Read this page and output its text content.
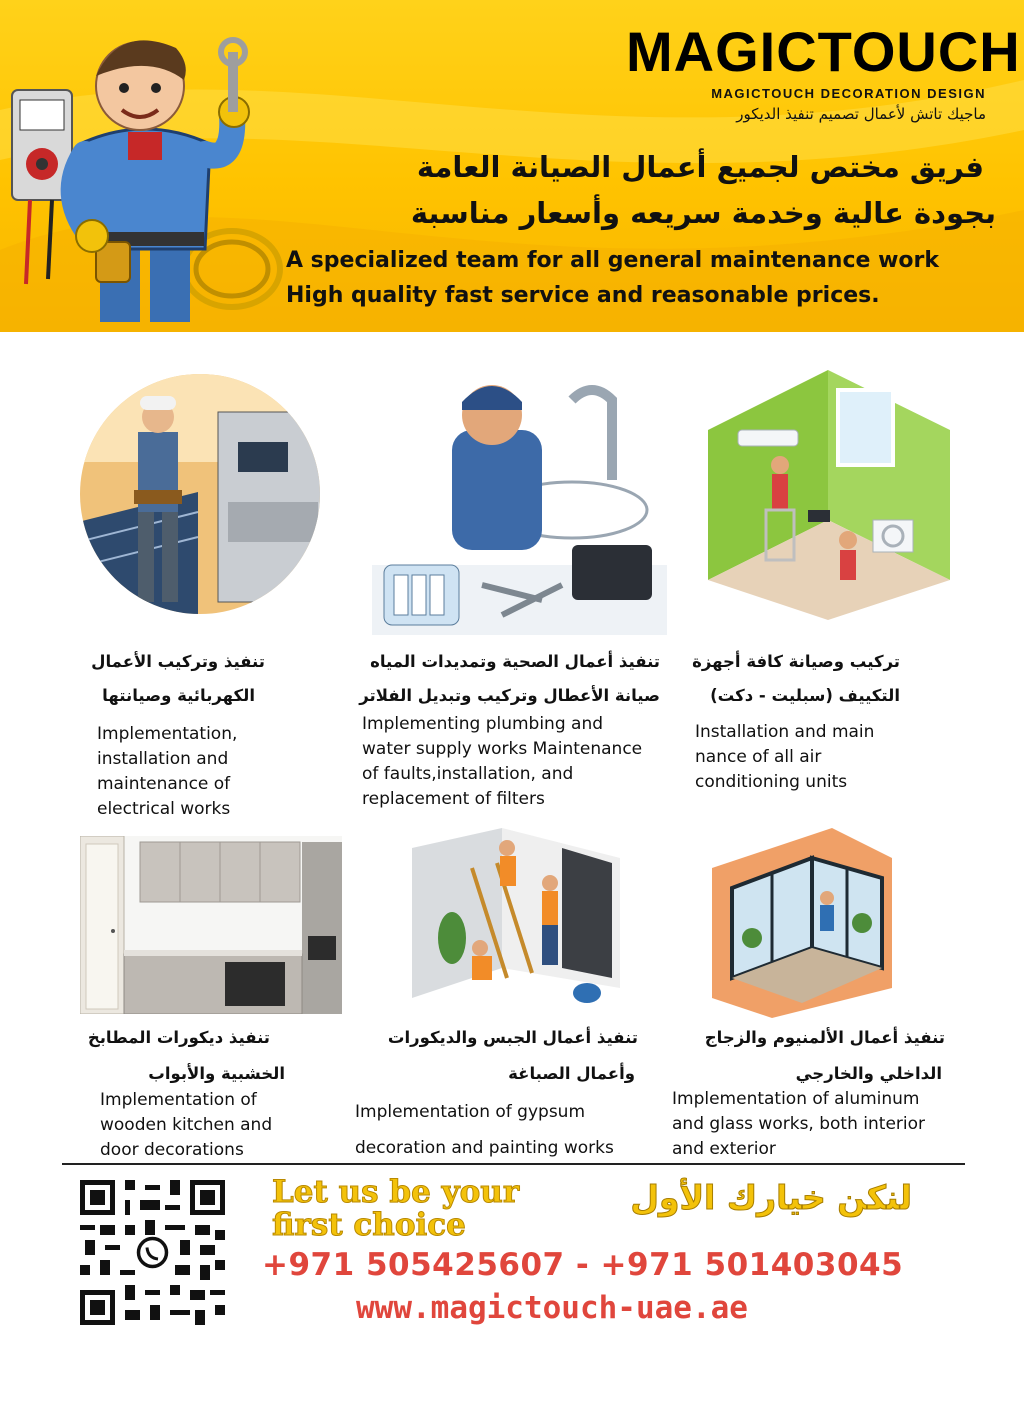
MAGICTOUCH
MAGICTOUCH DECORATION DESIGN
ماجيك تاتش لأعمال تصميم تنفيذ الديكور
فريق مختص لجميع أعمال الصيانة العامة
بجودة عالية وخدمة سريعه وأسعار مناسبة
A specialized team for all general maintenance work
High quality fast service and reasonable prices.
تنفيذ وتركيب الأعمال
الكهربائية وصيانتها
Implementation,
installation and
maintenance of
electrical works
تنفيذ أعمال الصحية وتمديدات المياه
صيانة الأعطال وتركيب وتبديل الفلاتر
Implementing plumbing and
water supply works Maintenance
of faults,installation, and
replacement of filters
تركيب وصيانة كافة أجهزة
التكييف (سبليت - دكت)
Installation and main
nance of all air
conditioning units
تنفيذ ديكورات المطابخ
الخشبية والأبواب
Implementation of
wooden kitchen and
door decorations
تنفيذ أعمال الجبس والديكورات
وأعمال الصباغة
Implementation of gypsum
decoration and painting works
تنفيذ أعمال الألمنيوم والزجاج
الداخلي والخارجي
Implementation of aluminum
and glass works, both interior
and exterior
Let us be your
first choice
لنكن خيارك الأول
+971 505425607 - +971 501403045
www.magictouch-uae.ae
